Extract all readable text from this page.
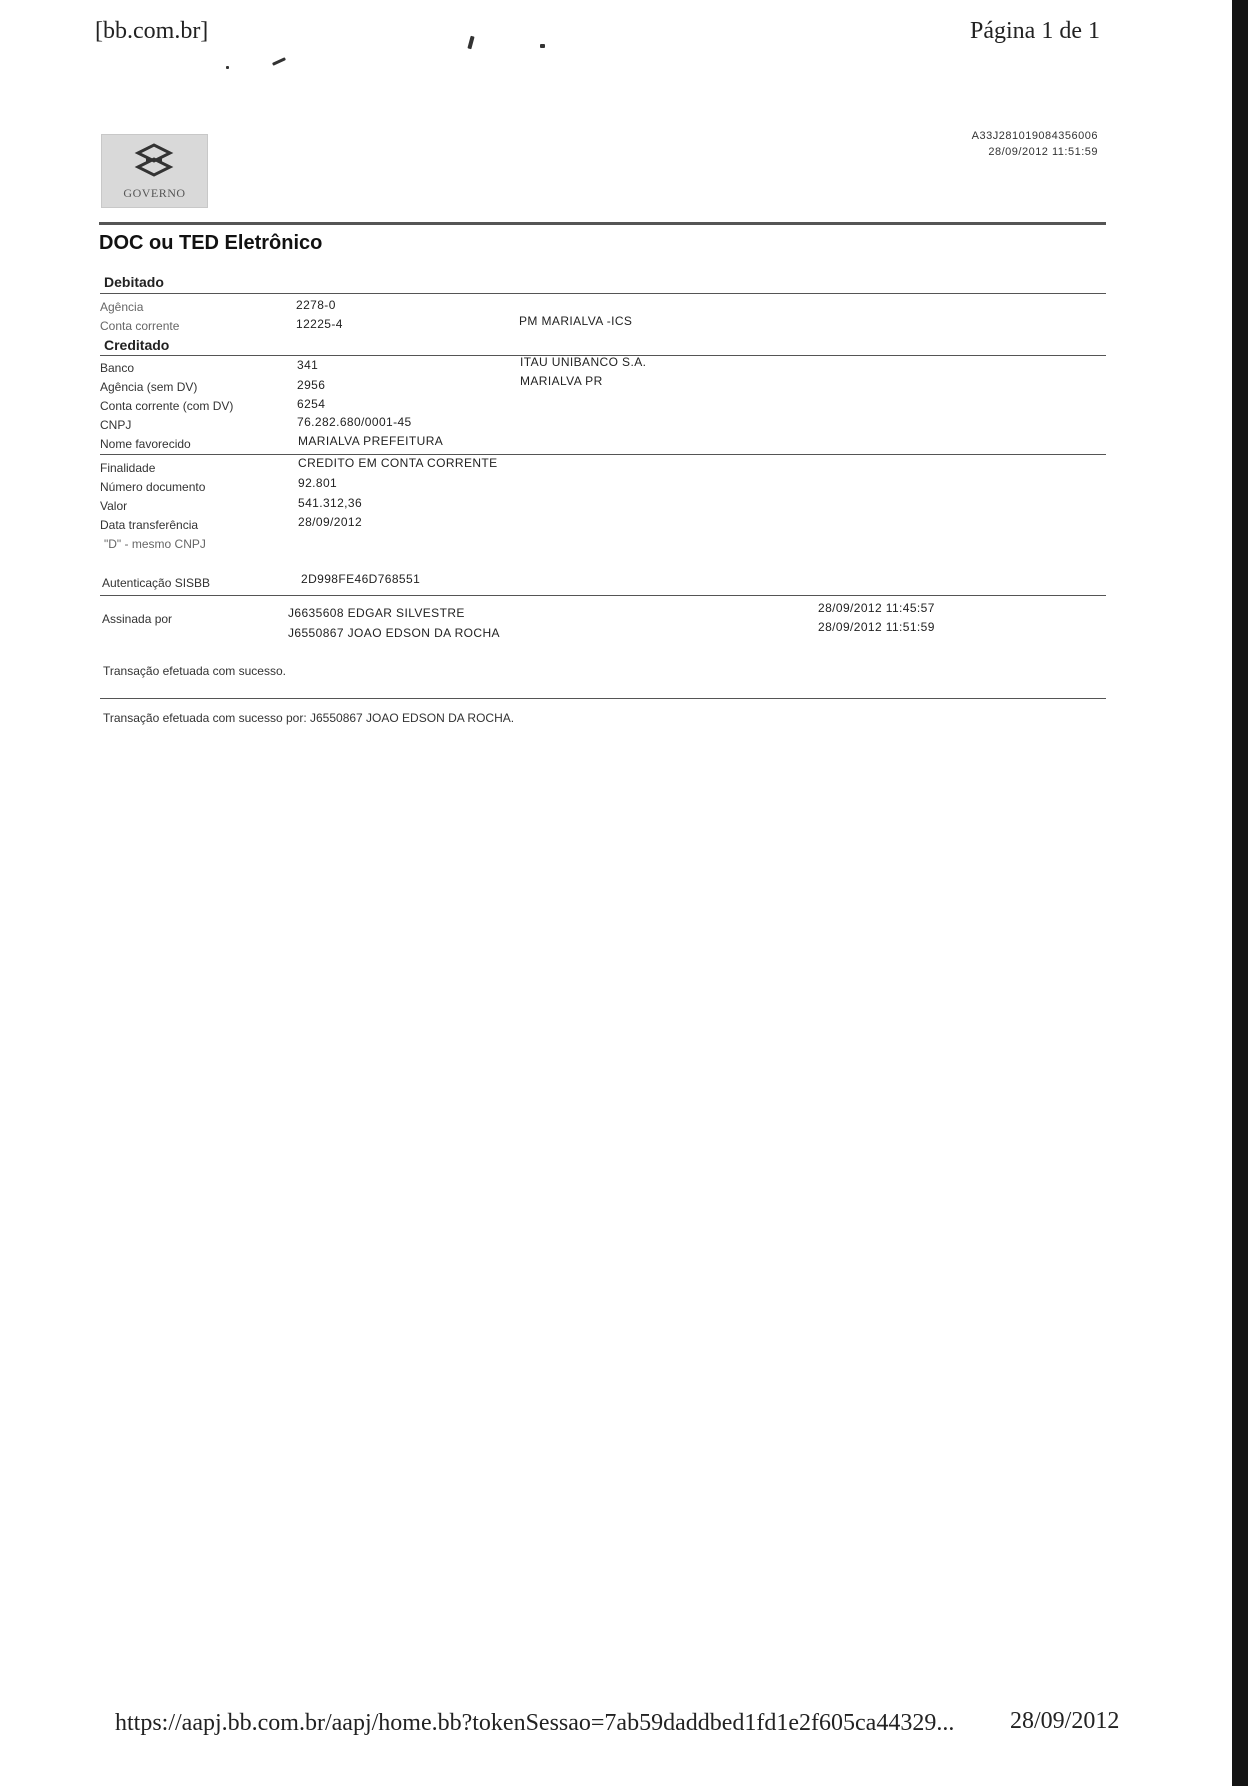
[bb.com.br]	Página 1 de 1
GOVERNO
A33J281019084356006
28/09/2012 11:51:59
DOC ou TED Eletrônico
Debitado
Agência	2278-0
Conta corrente	12225-4	PM MARIALVA -ICS
Creditado
Banco	341	ITAU UNIBANCO S.A.
Agência (sem DV)	2956	MARIALVA PR
Conta corrente (com DV)	6254
CNPJ	76.282.680/0001-45
Nome favorecido	MARIALVA PREFEITURA
Finalidade	CREDITO EM CONTA CORRENTE
Número documento	92.801
Valor	541.312,36
Data transferência	28/09/2012
"D" - mesmo CNPJ
Autenticação SISBB	2D998FE46D768551
Assinada por	J6635608 EDGAR SILVESTRE	28/09/2012 11:45:57
J6550867 JOAO EDSON DA ROCHA	28/09/2012 11:51:59
Transação efetuada com sucesso.
Transação efetuada com sucesso por: J6550867 JOAO EDSON DA ROCHA.
https://aapj.bb.com.br/aapj/home.bb?tokenSessao=7ab59daddbed1fd1e2f605ca44329... 28/09/2012
